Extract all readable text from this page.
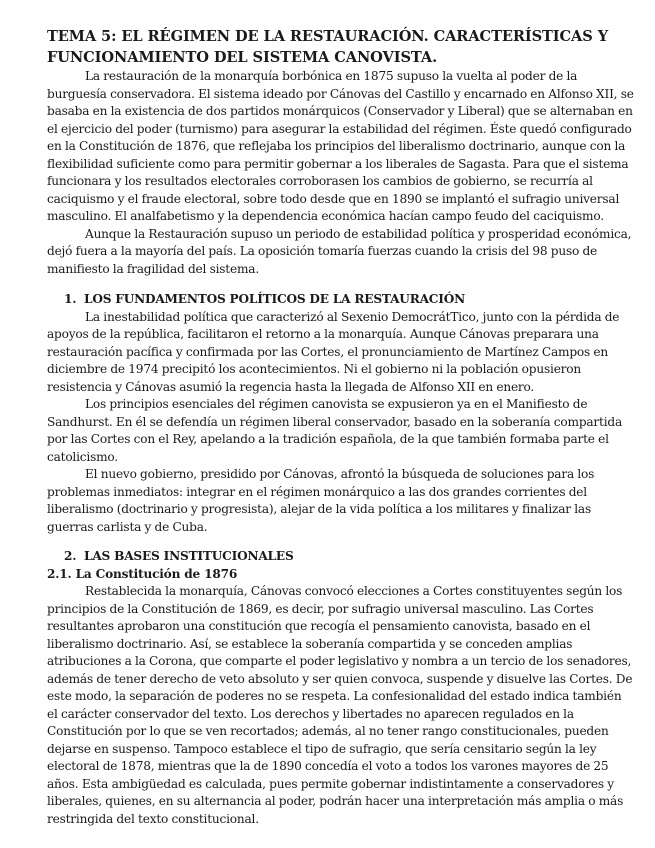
TEMA 5: EL RÉGIMEN DE LA RESTAURACIÓN. CARACTERÍSTICAS Y FUNCIONAMIENTO DEL SISTEMA CANOVISTA.

La restauración de la monarquía borbónica en 1875 supuso la vuelta al poder de la burguesía conservadora. El sistema ideado por Cánovas del Castillo y encarnado en Alfonso XII, se basaba en la existencia de dos partidos monárquicos (Conservador y Liberal) que se alternaban en el ejercicio del poder (turnismo) para asegurar la estabilidad del régimen. Éste quedó configurado en la Constitución de 1876, que reflejaba los principios del liberalismo doctrinario, aunque con la flexibilidad suficiente como para permitir gobernar a los liberales de Sagasta. Para que el sistema funcionara y los resultados electorales corroborasen los cambios de gobierno, se recurría al caciquismo y el fraude electoral, sobre todo desde que en 1890 se implantó el sufragio universal masculino. El analfabetismo y la dependencia económica hacían campo feudo del caciquismo.

Aunque la Restauración supuso un periodo de estabilidad política y prosperidad económica, dejó fuera a la mayoría del país. La oposición tomaría fuerzas cuando la crisis del 98 puso de manifiesto la fragilidad del sistema.

1. LOS FUNDAMENTOS POLÍTICOS DE LA RESTAURACIÓN

La inestabilidad política que caracterizó al Sexenio DemocrátTico, junto con la pérdida de apoyos de la república, facilitaron el retorno a la monarquía. Aunque Cánovas preparara una restauración pacífica y confirmada por las Cortes, el pronunciamiento de Martínez Campos en diciembre de 1974 precipitó los acontecimientos. Ni el gobierno ni la población opusieron resistencia y Cánovas asumió la regencia hasta la llegada de Alfonso XII en enero.

Los principios esenciales del régimen canovista se expusieron ya en el Manifiesto de Sandhurst. En él se defendía un régimen liberal conservador, basado en la soberanía compartida por las Cortes con el Rey, apelando a la tradición española, de la que también formaba parte el catolicismo.

El nuevo gobierno, presidido por Cánovas, afrontó la búsqueda de soluciones para los problemas inmediatos: integrar en el régimen monárquico a las dos grandes corrientes del liberalismo (doctrinario y progresista), alejar de la vida política a los militares y finalizar las guerras carlista y de Cuba.

2. LAS BASES INSTITUCIONALES
2.1. La Constitución de 1876

Restablecida la monarquía, Cánovas convocó elecciones a Cortes constituyentes según los principios de la Constitución de 1869, es decir, por sufragio universal masculino. Las Cortes resultantes aprobaron una constitución que recogía el pensamiento canovista, basado en el liberalismo doctrinario. Así, se establece la soberanía compartida y se conceden amplias atribuciones a la Corona, que comparte el poder legislativo y nombra a un tercio de los senadores, además de tener derecho de veto absoluto y ser quien convoca, suspende y disuelve las Cortes. De este modo, la separación de poderes no se respeta. La confesionalidad del estado indica también el carácter conservador del texto. Los derechos y libertades no aparecen regulados en la Constitución por lo que se ven recortados; además, al no tener rango constitucionales, pueden dejarse en suspenso. Tampoco establece el tipo de sufragio, que sería censitario según la ley electoral de 1878, mientras que la de 1890 concedía el voto a todos los varones mayores de 25 años. Esta ambigüedad es calculada, pues permite gobernar indistintamente a conservadores y liberales, quienes, en su alternancia al poder, podrán hacer una interpretación más amplia o más restringida del texto constitucional.
